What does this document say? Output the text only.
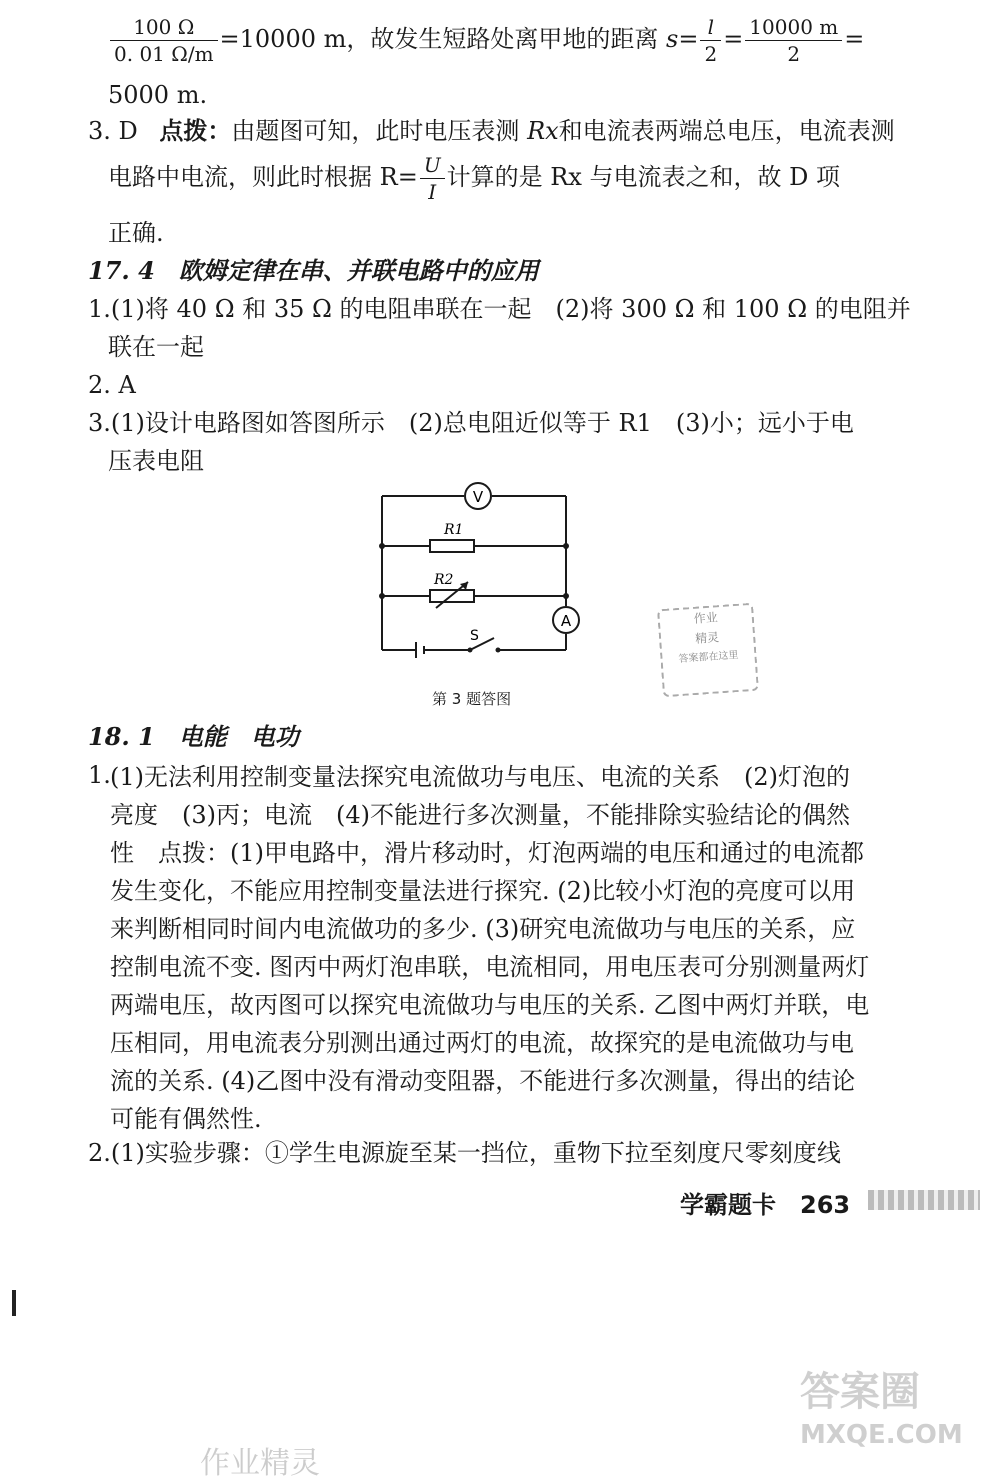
$\frac{100 \Omega}{0. 01 \Omega/m} =10000$ m，故发生短路处离甲地的距离 $s= \frac{l}{2} = \frac{10000 m}{2}$ =
5000 m.
3. D 点拨：由题图可知，此时电压表测 Rx和电流表两端总电压，电流表测
电路中电流，则此时根据 $R= \frac{U}{I}$ 计算的是 Rx 与电流表之和，故 D 项
正确.
17. 4　欧姆定律在串、并联电路中的应用
1.(1)将 40 Ω 和 35 Ω 的电阻串联在一起　(2)将 300 Ω 和 100 Ω 的电阻并
联在一起
2. A
3.(1)设计电路图如答图所示　(2)总电阻近似等于 R1　(3)小；远小于电
压表电阻
V
A
R1
R2
S
第 3 题答图
作业
精灵
答案都在这里
18. 1　电能　电功
1. (1)无法利用控制变量法探究电流做功与电压、电流的关系　(2)灯泡的
亮度　(3)丙；电流　(4)不能进行多次测量，不能排除实验结论的偶然
性　点拨：(1)甲电路中，滑片移动时，灯泡两端的电压和通过的电流都
发生变化，不能应用控制变量法进行探究. (2)比较小灯泡的亮度可以用
来判断相同时间内电流做功的多少. (3)研究电流做功与电压的关系，应
控制电流不变. 图丙中两灯泡串联，电流相同，用电压表可分别测量两灯
两端电压，故丙图可以探究电流做功与电压的关系. 乙图中两灯并联，电
压相同，用电流表分别测出通过两灯的电流，故探究的是电流做功与电
流的关系. (4)乙图中没有滑动变阻器，不能进行多次测量，得出的结论
可能有偶然性.
2.(1)实验步骤：①学生电源旋至某一挡位，重物下拉至刻度尺零刻度线
学霸题卡　263
答案圈
MXQE.COM
作业精灵
